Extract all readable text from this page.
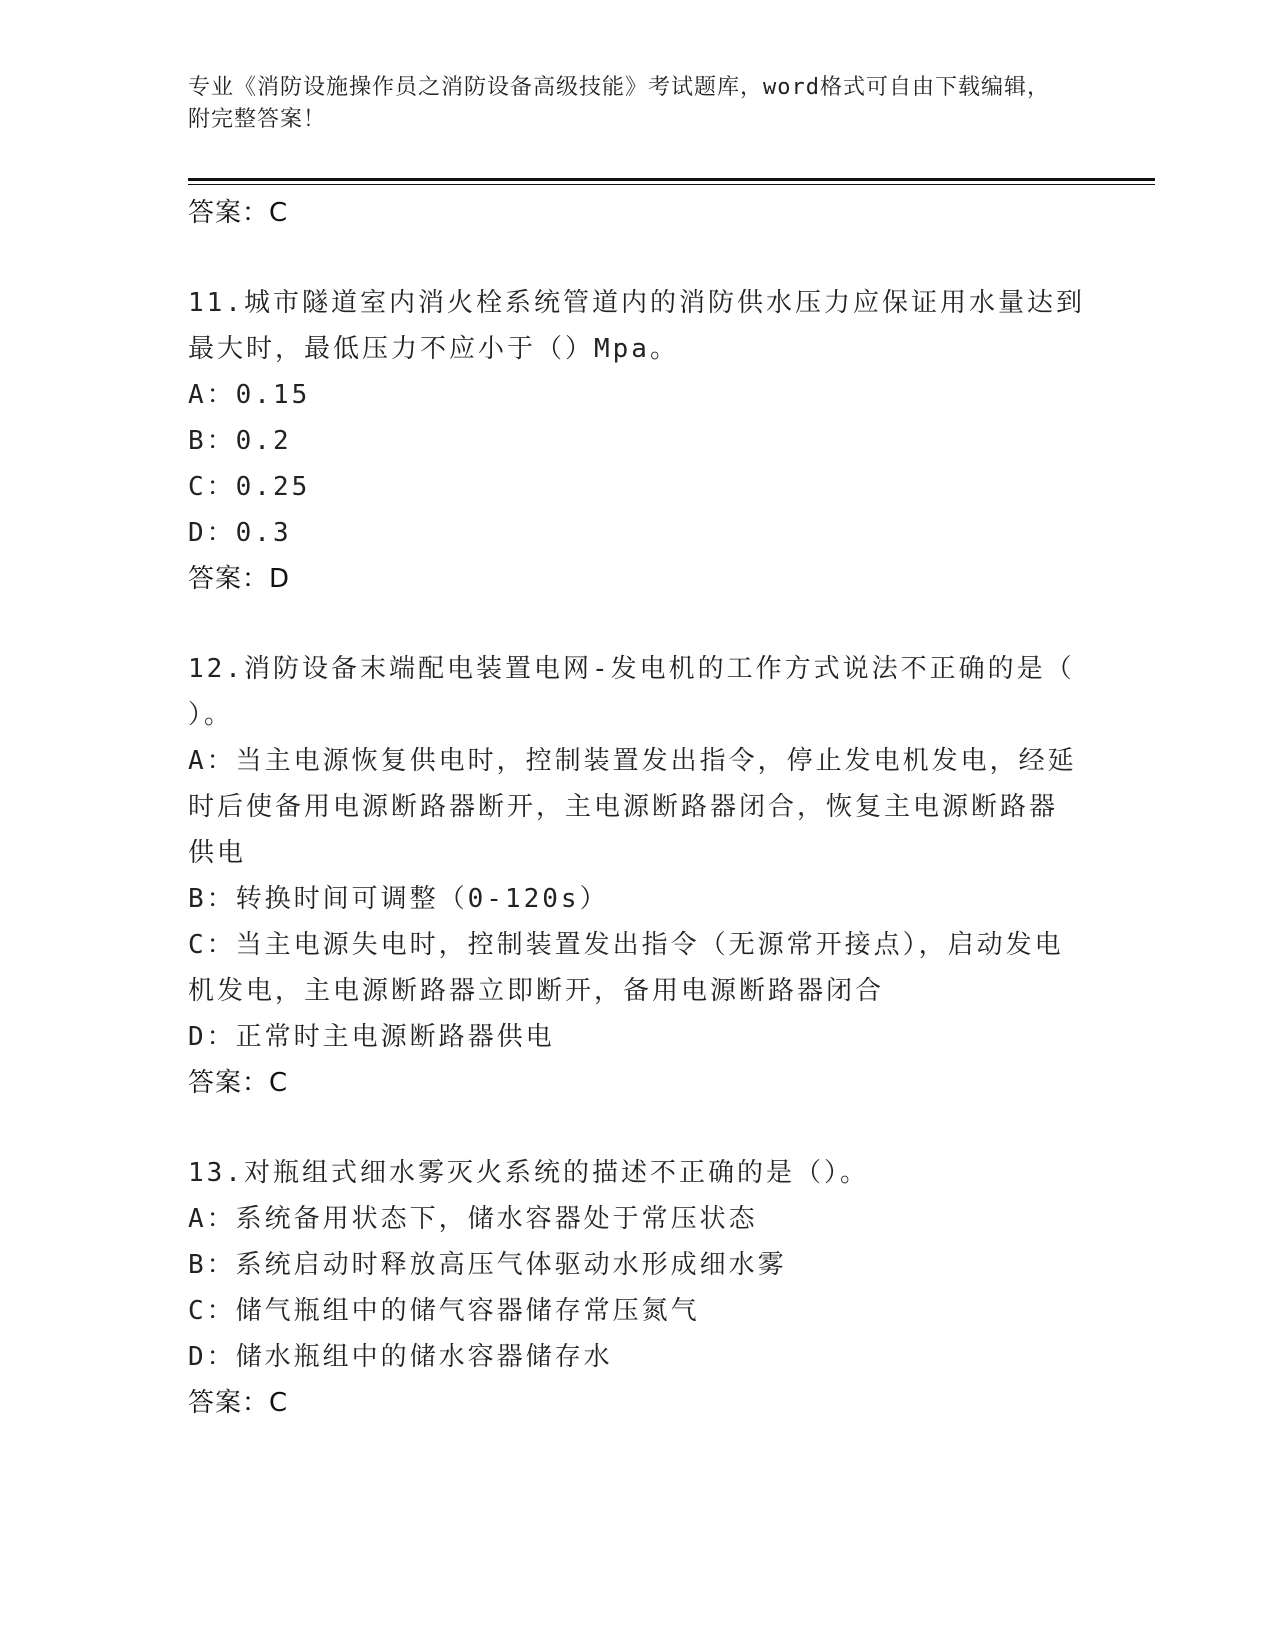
专业《消防设施操作员之消防设备高级技能》考试题库，word格式可自由下载编辑，附完整答案！
答案：C
11.城市隧道室内消火栓系统管道内的消防供水压力应保证用水量达到
最大时，最低压力不应小于（）Mpa。
A：0.15
B：0.2
C：0.25
D：0.3
答案：D
12.消防设备末端配电装置电网-发电机的工作方式说法不正确的是（
）。
A：当主电源恢复供电时，控制装置发出指令，停止发电机发电，经延
时后使备用电源断路器断开，主电源断路器闭合，恢复主电源断路器
供电
B：转换时间可调整（0-120s）
C：当主电源失电时，控制装置发出指令（无源常开接点），启动发电
机发电，主电源断路器立即断开，备用电源断路器闭合
D：正常时主电源断路器供电
答案：C
13.对瓶组式细水雾灭火系统的描述不正确的是（）。
A：系统备用状态下，储水容器处于常压状态
B：系统启动时释放高压气体驱动水形成细水雾
C：储气瓶组中的储气容器储存常压氮气
D：储水瓶组中的储水容器储存水
答案：C
